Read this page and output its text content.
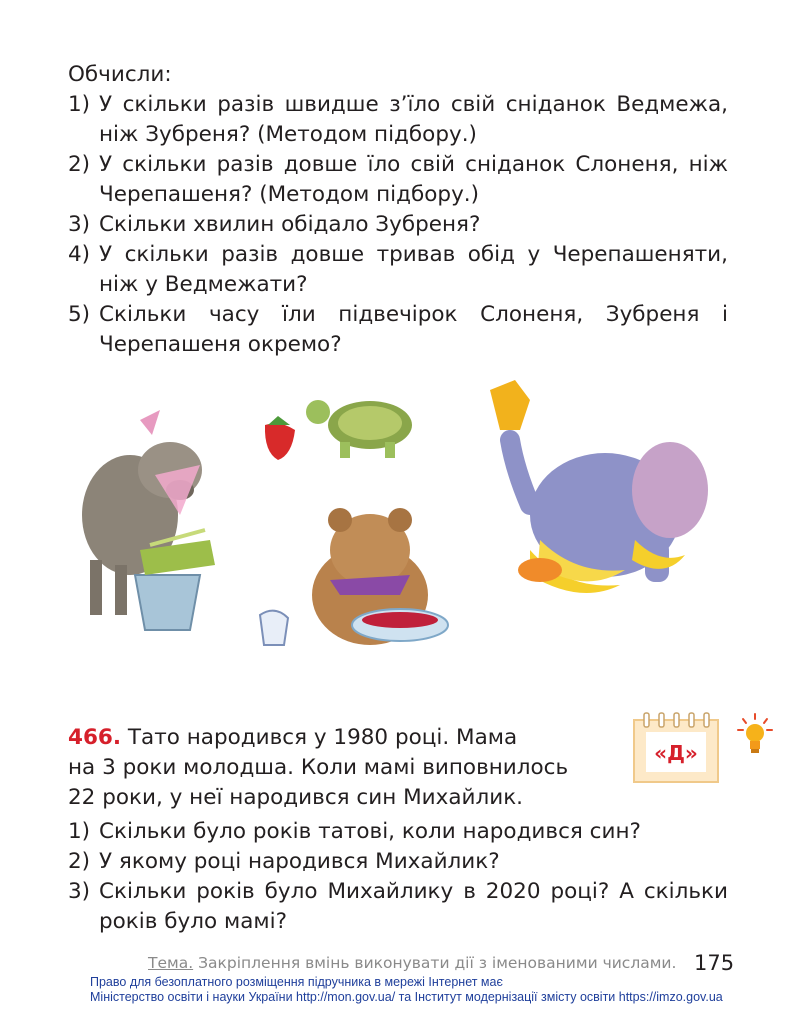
Обчисли:
1) У скільки разів швидше з’їло свій сніданок Ведмежа, ніж Зубреня? (Методом підбору.)
2) У скільки разів довше їло свій сніданок Слоненя, ніж Черепашеня? (Методом підбору.)
3) Скільки хвилин обідало Зубреня?
4) У скільки разів довше тривав обід у Черепашеняти, ніж у Ведмежати?
5) Скільки часу їли підвечірок Слоненя, Зубреня і Черепашеня окремо?
466. Тато народився у 1980 році. Мама
на 3 роки молодша. Коли мамі виповнилось
22 роки, у неї народився син Михайлик.
«Д»
1) Скільки було років татові, коли народився син?
2) У якому році народився Михайлик?
3) Скільки років було Михайлику в 2020 році? А скільки років було мамі?
Тема. Закріплення вмінь виконувати дії з іменованими числами. 175
Право для безоплатного розміщення підручника в мережі Інтернет має
Міністерство освіти і науки України http://mon.gov.ua/ та Інститут модернізації змісту освіти https://imzo.gov.ua
